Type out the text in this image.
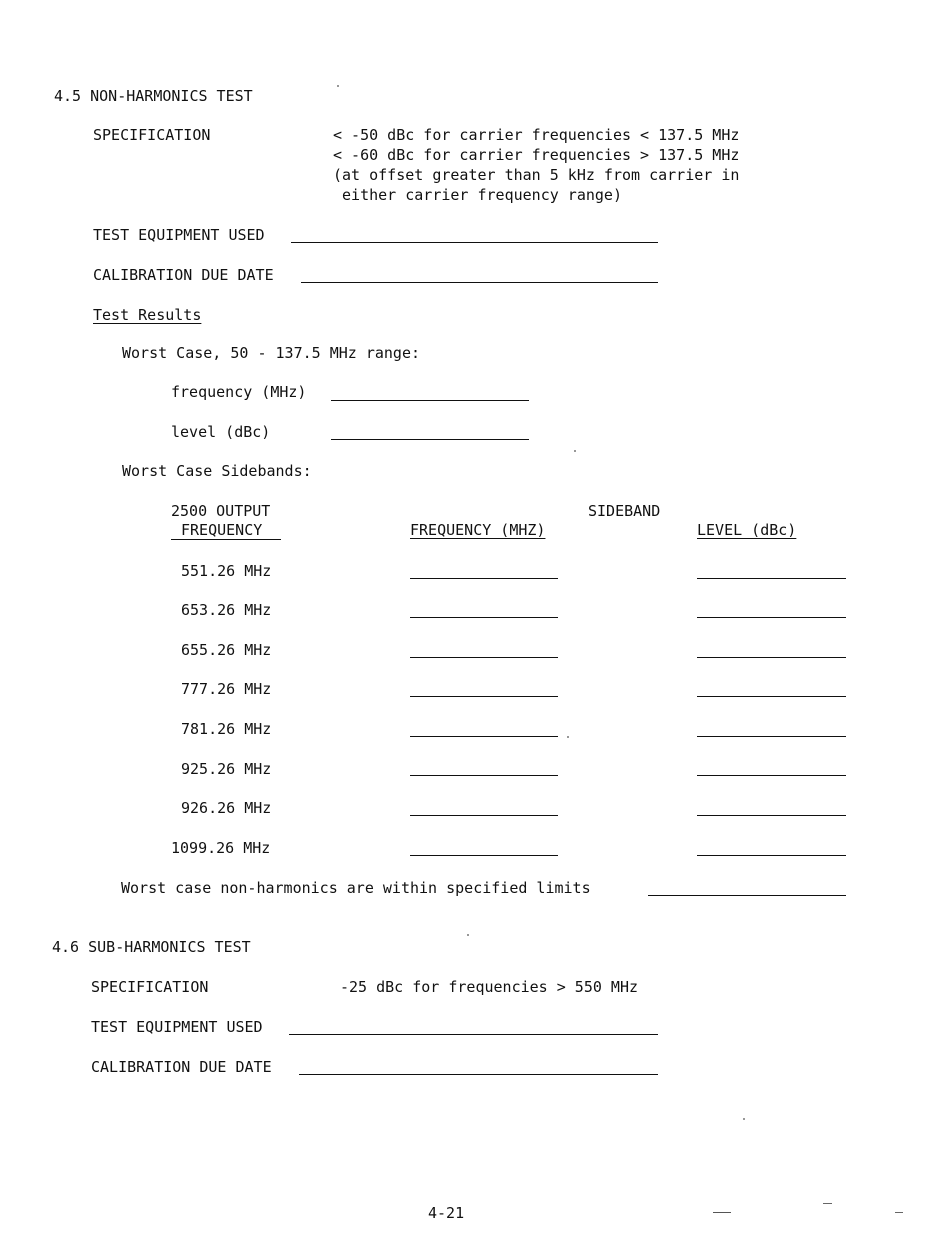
4.5 NON-HARMONICS TEST
SPECIFICATION	< -50 dBc for carrier frequencies < 137.5 MHz
< -60 dBc for carrier frequencies > 137.5 MHz
(at offset greater than 5 kHz from carrier in
either carrier frequency range)
TEST EQUIPMENT USED
CALIBRATION DUE DATE
Test Results
Worst Case, 50 - 137.5 MHz range:
frequency (MHz)
level (dBc)
Worst Case Sidebands:
2500 OUTPUT	SIDEBAND
FREQUENCY	FREQUENCY (MHZ)	LEVEL (dBc)
551.26 MHz
653.26 MHz
655.26 MHz
777.26 MHz
781.26 MHz
925.26 MHz
926.26 MHz
1099.26 MHz
Worst case non-harmonics are within specified limits
4.6 SUB-HARMONICS TEST
SPECIFICATION	-25 dBc for frequencies > 550 MHz
TEST EQUIPMENT USED
CALIBRATION DUE DATE
4-21
